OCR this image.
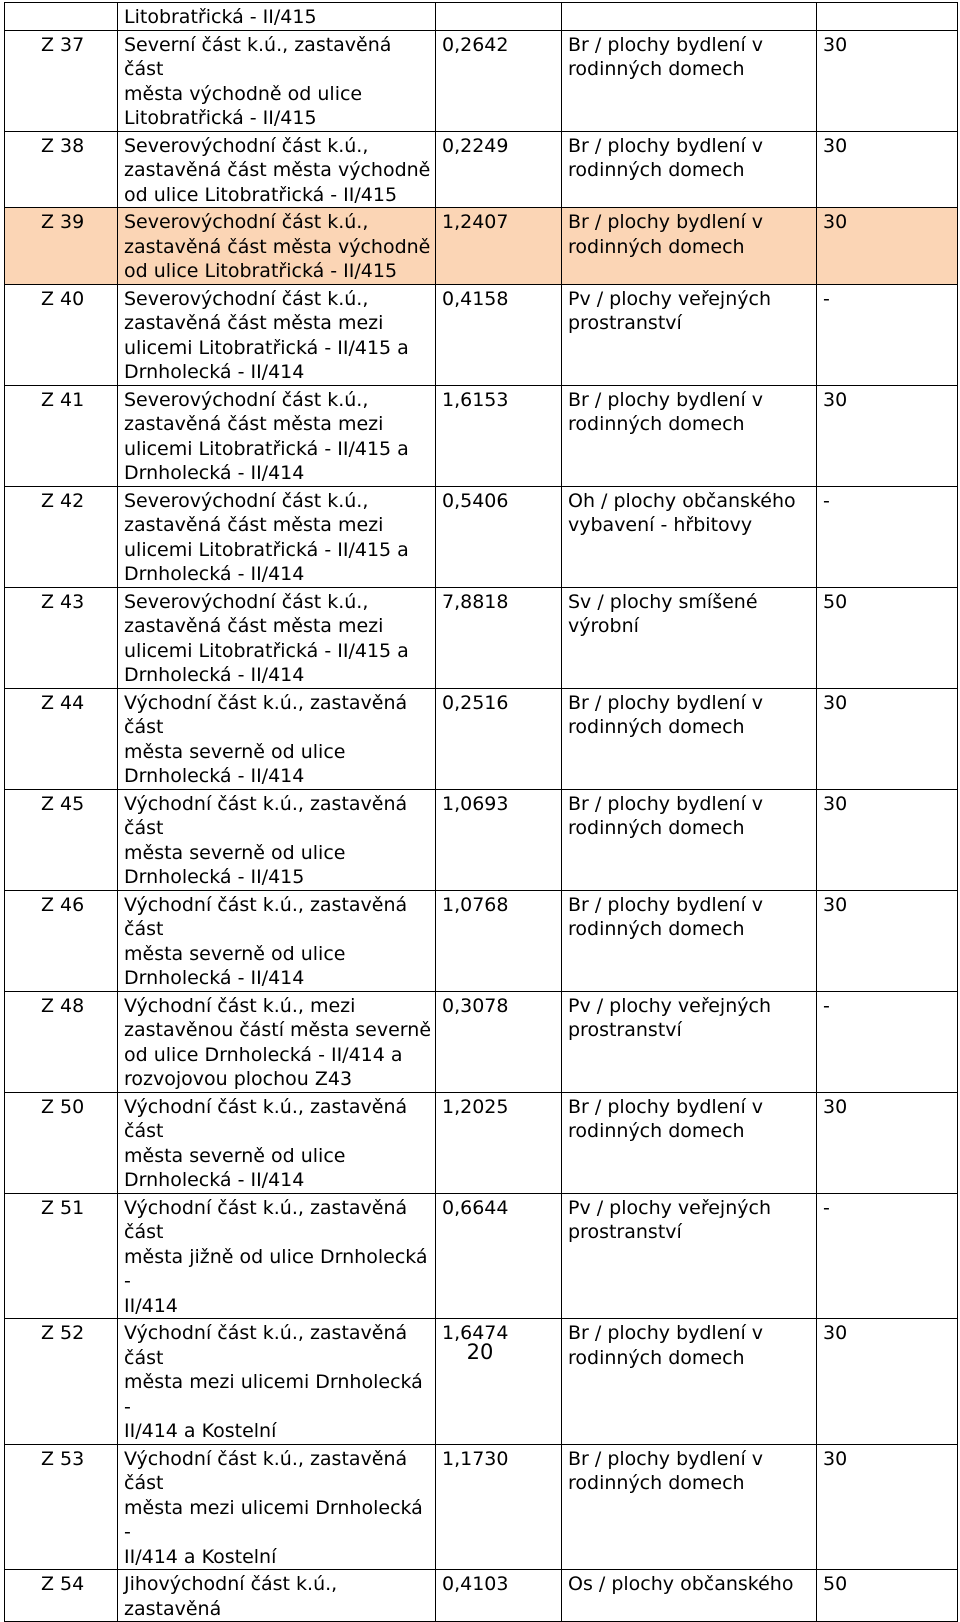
	Litobratřická - II/415			
Z 37	Severní část k.ú., zastavěná část
města východně od ulice
Litobratřická - II/415	0,2642	Br / plochy bydlení v
rodinných domech	30
Z 38	Severovýchodní část k.ú.,
zastavěná část města východně
od ulice Litobratřická - II/415	0,2249	Br / plochy bydlení v
rodinných domech	30
Z 39	Severovýchodní část k.ú.,
zastavěná část města východně
od ulice Litobratřická - II/415	1,2407	Br / plochy bydlení v
rodinných domech	30
Z 40	Severovýchodní část k.ú.,
zastavěná část města mezi
ulicemi Litobratřická - II/415 a
Drnholecká - II/414	0,4158	Pv / plochy veřejných
prostranství	-
Z 41	Severovýchodní část k.ú.,
zastavěná část města mezi
ulicemi Litobratřická - II/415 a
Drnholecká - II/414	1,6153	Br / plochy bydlení v
rodinných domech	30
Z 42	Severovýchodní část k.ú.,
zastavěná část města mezi
ulicemi Litobratřická - II/415 a
Drnholecká - II/414	0,5406	Oh / plochy občanského
vybavení - hřbitovy	-
Z 43	Severovýchodní část k.ú.,
zastavěná část města mezi
ulicemi Litobratřická - II/415 a
Drnholecká - II/414	7,8818	Sv / plochy smíšené
výrobní	50
Z 44	Východní část k.ú., zastavěná část
města severně od ulice
Drnholecká - II/414	0,2516	Br / plochy bydlení v
rodinných domech	30
Z 45	Východní část k.ú., zastavěná část
města severně od ulice
Drnholecká - II/415	1,0693	Br / plochy bydlení v
rodinných domech	30
Z 46	Východní část k.ú., zastavěná část
města severně od ulice
Drnholecká - II/414	1,0768	Br / plochy bydlení v
rodinných domech	30
Z 48	Východní část k.ú., mezi
zastavěnou částí města severně
od ulice Drnholecká - II/414 a
rozvojovou plochou Z43	0,3078	Pv / plochy veřejných
prostranství	-
Z 50	Východní část k.ú., zastavěná část
města severně od ulice
Drnholecká - II/414	1,2025	Br / plochy bydlení v
rodinných domech	30
Z 51	Východní část k.ú., zastavěná část
města jižně od ulice Drnholecká -
II/414	0,6644	Pv / plochy veřejných
prostranství	-
Z 52	Východní část k.ú., zastavěná část
města mezi ulicemi Drnholecká -
II/414 a Kostelní	1,6474	Br / plochy bydlení v
rodinných domech	30
Z 53	Východní část k.ú., zastavěná část
města mezi ulicemi Drnholecká -
II/414 a Kostelní	1,1730	Br / plochy bydlení v
rodinných domech	30
Z 54	Jihovýchodní část k.ú., zastavěná	0,4103	Os / plochy občanského	50
20
